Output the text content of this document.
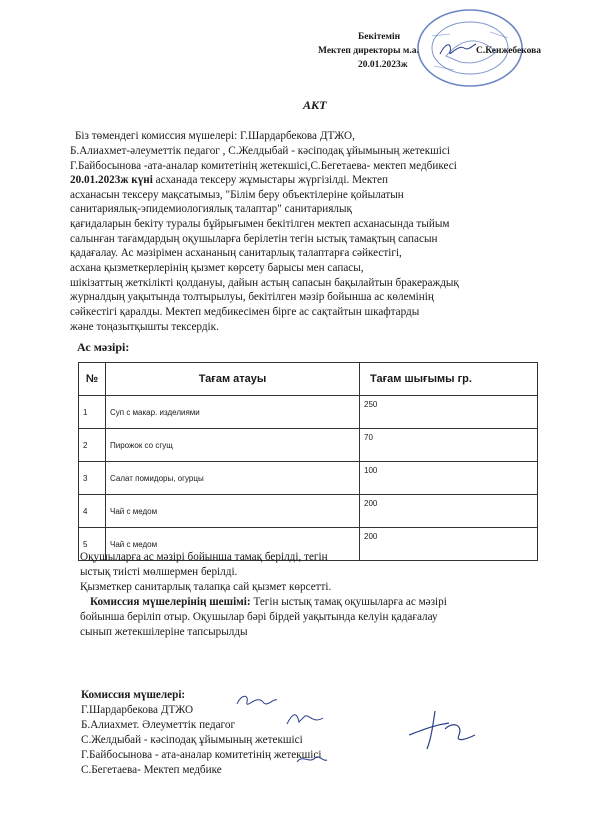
Бекітемін
Мектеп директоры м.а.	С.Кенжебекова
20.01.2023ж
АКТ
Біз төмендегі комиссия мүшелері: Г.Шардарбекова ДТЖО,
Б.Алиахмет-әлеуметтік педагог , С.Желдыбай - кәсіподақ ұйымының жетекшісі
Г.Байбосынова -ата-аналар комитетінің жетекшісі,С.Бегетаева- мектеп медбикесі
20.01.2023ж күні асханада тексеру жұмыстары жүргізілді. Мектеп
асханасын тексеру мақсатымыз, "Білім беру объектілеріне қойылатын
санитариялық-эпидемиологиялық талаптар" санитариялық
қағидаларын бекіту туралы бұйрығымен бекітілген мектеп асханасында тыйым
салынған тағамдардың оқушыларға берілетін тегін ыстық тамақтың сапасын
қадағалау. Ас мәзірімен асхананың санитарлық талаптарға сәйкестігі,
асхана қызметкерлерінің қызмет көрсету барысы мен сапасы,
шікізаттың жеткілікті қолдануы, дайын астың сапасын бақылайтын бракераждық
журналдың уақытында толтырылуы, бекітілген мәзір бойынша ас көлемінің
сәйкестігі қаралды. Мектеп медбикесімен бірге ас сақтайтын шкафтарды
және тоңазытқышты тексердік.
Ас мәзірі:
№	Тағам атауы	Тағам шығымы гр.
1	Суп с макар. изделиями	250
2	Пирожок со сгущ	70
3	Салат помидоры, огурцы	100
4	Чай с медом	200
5	Чай с медом	200
Оқушыларға ас мәзірі бойынша тамақ берілді, тегін
ыстық тиісті мөлшермен берілді.
Қызметкер санитарлық талапқа сай қызмет көрсетті.
Комиссия мүшелерінің шешімі: Тегін ыстық тамақ оқушыларға ас мәзірі
бойынша беріліп отыр. Оқушылар бәрі бірдей уақытында келуін қадағалау
сынып жетекшілеріне тапсырылды
Комиссия мүшелері:
Г.Шардарбекова ДТЖО
Б.Алиахмет. Әлеуметтік педагог
С.Желдыбай - кәсіподақ ұйымының жетекшісі
Г.Байбосынова - ата-аналар комитетінің жетекшісі
С.Бегетаева- Мектеп медбике
